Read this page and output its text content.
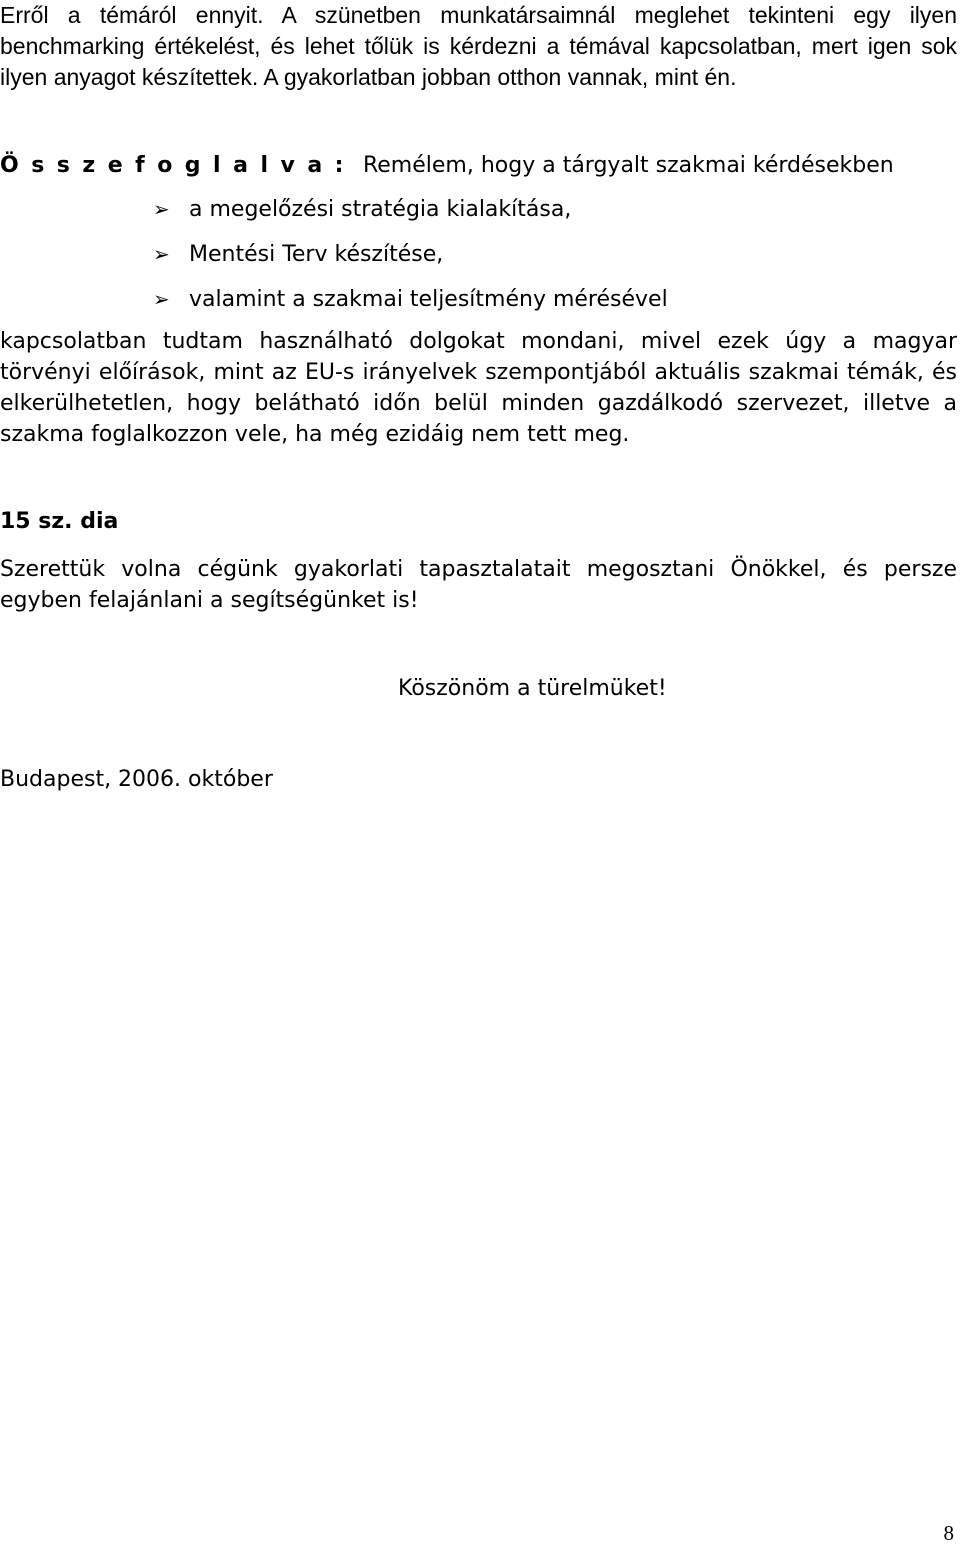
Erről a témáról ennyit. A szünetben munkatársaimnál meglehet tekinteni egy ilyen benchmarking értékelést, és lehet tőlük is kérdezni a témával kapcsolatban, mert igen sok ilyen anyagot készítettek. A gyakorlatban jobban otthon vannak, mint én.
Összefoglalva: Remélem, hogy a tárgyalt szakmai kérdésekben
➢ a megelőzési stratégia kialakítása,
➢ Mentési Terv készítése,
➢ valamint a szakmai teljesítmény mérésével
kapcsolatban tudtam használható dolgokat mondani, mivel ezek úgy a magyar törvényi előírások, mint az EU-s irányelvek szempontjából aktuális szakmai témák, és elkerülhetetlen, hogy belátható időn belül minden gazdálkodó szervezet, illetve a szakma foglalkozzon vele, ha még ezidáig nem tett meg.
15 sz. dia
Szerettük volna cégünk gyakorlati tapasztalatait megosztani Önökkel, és persze egyben felajánlani a segítségünket is!
Köszönöm a türelmüket!
Budapest, 2006. október
8
